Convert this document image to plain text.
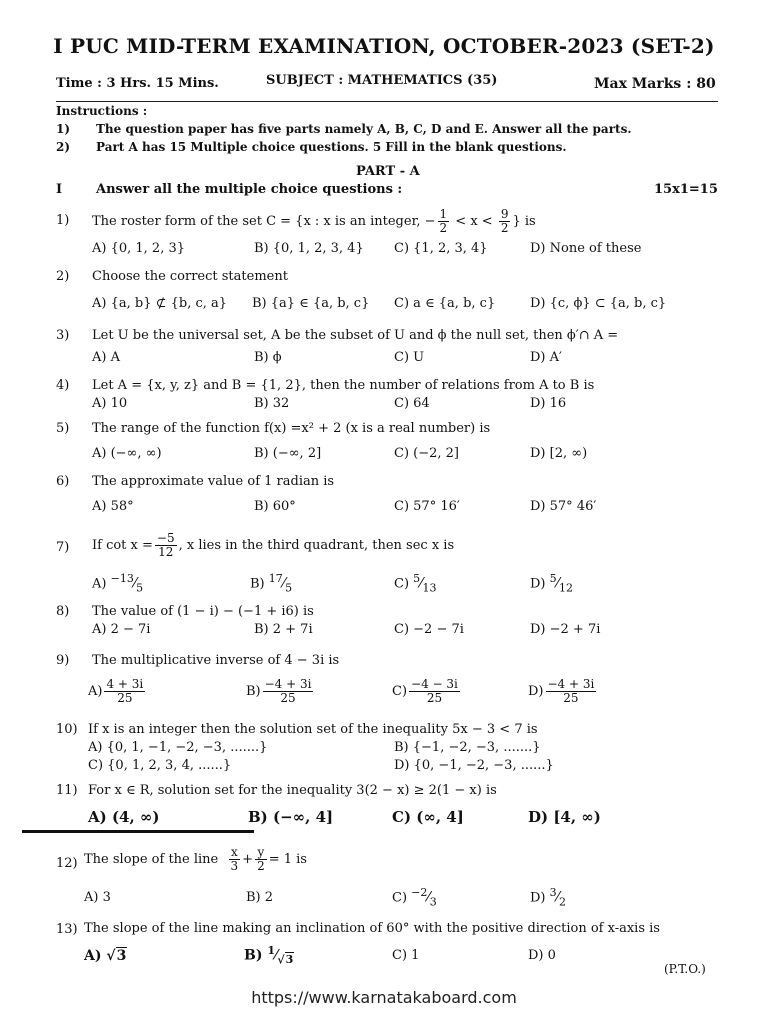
I PUC MID-TERM EXAMINATION, OCTOBER-2023 (SET-2)
Time : 3 Hrs. 15 Mins.	SUBJECT : MATHEMATICS (35)	Max Marks : 80
Instructions :
1) The question paper has five parts namely A, B, C, D and E. Answer all the parts.
2) Part A has 15 Multiple choice questions. 5 Fill in the blank questions.
PART - A
I	Answer all the multiple choice questions :	15x1=15
1) The roster form of the set C = {x : x is an integer, − $\frac{1}{2} < x < \frac{9}{2}$ } is
A) {0, 1, 2, 3}	B) {0, 1, 2, 3, 4} C) {1, 2, 3, 4}	D) None of these
2) Choose the correct statement
A) {a, b} ⊄ {b, c, a} B) {a} ∈ {a, b, c} C) a ∈ {a, b, c}	D) {c, ϕ} ⊂ {a, b, c}
3) Let U be the universal set, A be the subset of U and ϕ the null set, then ϕ′∩ A =
A) A	B) ϕ	C) U	D) A′
4) Let A = {x, y, z} and B = {1, 2}, then the number of relations from A to B is
A) 10	B) 32	C) 64	D) 16
5) The range of the function f(x) =x² + 2 (x is a real number) is
A) (−∞, ∞)	B) (−∞, 2]	C) (−2, 2]	D) [2, ∞)
6) The approximate value of 1 radian is
A) 58°	B) 60°	C) 57° 16′	D) 57° 46′
7) If $\cot x = \frac{-5}{12}$ , x lies in the third quadrant, then sec x is
A) $^{-13}⁄_5$	B) $^{17}⁄_5$	C) $^5⁄_{13}$	D) $^5⁄_{12}$
8) The value of (1 − i) − (−1 + i6) is
A) 2 − 7i	B) 2 + 7i	C) −2 − 7i	D) −2 + 7i
9) The multiplicative inverse of 4 − 3i is
$A) \frac{4 + 3i}{25}$	$B) \frac{-4 + 3i}{25}$	$C) \frac{-4 - 3i}{25}$	$D) \frac{-4 + 3i}{25}$
10) If x is an integer then the solution set of the inequality 5x − 3 < 7 is
A) {0, 1, −1, −2, −3, .......}	B) {−1, −2, −3, .......}
C) {0, 1, 2, 3, 4, ......}	D) {0, −1, −2, −3, ......}
11) For x ∈ R, solution set for the inequality 3(2 − x) ≥ 2(1 − x) is
A) (4, ∞)	B) (−∞, 4]	C) (∞, 4]	D) [4, ∞)
12) The slope of the line $\frac{x}{3} + \frac{y}{2} = 1$ is
A) 3	B) 2	C) $^{-2}⁄_3$	D) $^3⁄_2$
13) The slope of the line making an inclination of 60° with the positive direction of x-axis is
A) √3	B) $^1⁄_{√3}$	C) 1	D) 0
(P.T.O.)
https://www.karnatakaboard.com
